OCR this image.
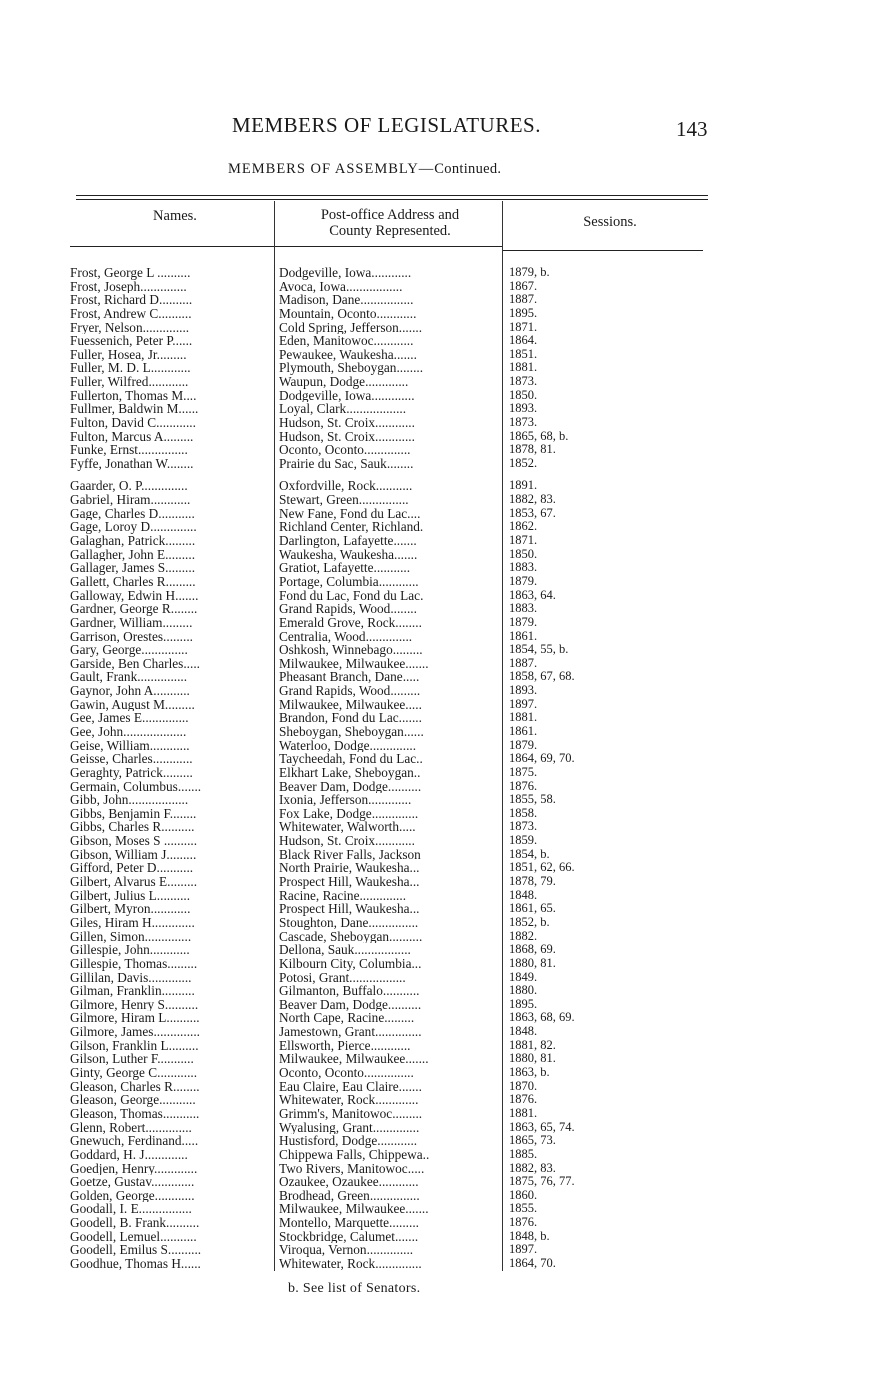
MEMBERS OF LEGISLATURES.	143
MEMBERS OF ASSEMBLY—Continued.
Names.	Post-office Address and
County Represented.
Sessions.
Frost, George L ..........	Dodgeville, Iowa............	1879, b.
Frost, Joseph..............	Avoca, Iowa.................	1867.
Frost, Richard D..........	Madison, Dane................	1887.
Frost, Andrew C..........	Mountain, Oconto............	1895.
Fryer, Nelson..............	Cold Spring, Jefferson.......	1871.
Fuessenich, Peter P......	Eden, Manitowoc............	1864.
Fuller, Hosea, Jr.........	Pewaukee, Waukesha.......	1851.
Fuller, M. D. L............	Plymouth, Sheboygan........	1881.
Fuller, Wilfred............	Waupun, Dodge.............	1873.
Fullerton, Thomas M....	Dodgeville, Iowa.............	1850.
Fullmer, Baldwin M......	Loyal, Clark..................	1893.
Fulton, David C............	Hudson, St. Croix............	1873.
Fulton, Marcus A.........	Hudson, St. Croix............	1865, 68, b.
Funke, Ernst...............	Oconto, Oconto..............	1878, 81.
Fyffe, Jonathan W........	Prairie du Sac, Sauk........	1852.
Gaarder, O. P..............	Oxfordville, Rock...........	1891.
Gabriel, Hiram............	Stewart, Green...............	1882, 83.
Gage, Charles D...........	New Fane, Fond du Lac....	1853, 67.
Gage, Loroy D..............	Richland Center, Richland.	1862.
Galaghan, Patrick.........	Darlington, Lafayette.......	1871.
Gallagher, John E.........	Waukesha, Waukesha.......	1850.
Gallager, James S.........	Gratiot, Lafayette...........	1883.
Gallett, Charles R.........	Portage, Columbia............	1879.
Galloway, Edwin H.......	Fond du Lac, Fond du Lac.	1863, 64.
Gardner, George R........	Grand Rapids, Wood........	1883.
Gardner, William.........	Emerald Grove, Rock........	1879.
Garrison, Orestes.........	Centralia, Wood..............	1861.
Gary, George..............	Oshkosh, Winnebago.........	1854, 55, b.
Garside, Ben Charles.....	Milwaukee, Milwaukee.......	1887.
Gault, Frank...............	Pheasant Branch, Dane.....	1858, 67, 68.
Gaynor, John A...........	Grand Rapids, Wood.........	1893.
Gawin, August M.........	Milwaukee, Milwaukee.....	1897.
Gee, James E..............	Brandon, Fond du Lac.......	1881.
Gee, John...................	Sheboygan, Sheboygan......	1861.
Geise, William............	Waterloo, Dodge..............	1879.
Geisse, Charles............	Taycheedah, Fond du Lac..	1864, 69, 70.
Geraghty, Patrick.........	Elkhart Lake, Sheboygan..	1875.
Germain, Columbus.......	Beaver Dam, Dodge..........	1876.
Gibb, John..................	Ixonia, Jefferson.............	1855, 58.
Gibbs, Benjamin F........	Fox Lake, Dodge..............	1858.
Gibbs, Charles R..........	Whitewater, Walworth.....	1873.
Gibson, Moses S ..........	Hudson, St. Croix............	1859.
Gibson, William J.........	Black River Falls, Jackson	1854, b.
Gifford, Peter D...........	North Prairie, Waukesha...	1851, 62, 66.
Gilbert, Alvarus E.........	Prospect Hill, Waukesha...	1878, 79.
Gilbert, Julius L..........	Racine, Racine..............	1848.
Gilbert, Myron............	Prospect Hill, Waukesha...	1861, 65.
Giles, Hiram H.............	Stoughton, Dane...............	1852, b.
Gillen, Simon..............	Cascade, Sheboygan..........	1882.
Gillespie, John............	Dellona, Sauk.................	1868, 69.
Gillespie, Thomas.........	Kilbourn City, Columbia...	1880, 81.
Gillilan, Davis.............	Potosi, Grant.................	1849.
Gilman, Franklin..........	Gilmanton, Buffalo...........	1880.
Gilmore, Henry S..........	Beaver Dam, Dodge..........	1895.
Gilmore, Hiram L..........	North Cape, Racine.........	1863, 68, 69.
Gilmore, James..............	Jamestown, Grant..............	1848.
Gilson, Franklin L.........	Ellsworth, Pierce............	1881, 82.
Gilson, Luther F...........	Milwaukee, Milwaukee.......	1880, 81.
Ginty, George C............	Oconto, Oconto...............	1863, b.
Gleason, Charles R........	Eau Claire, Eau Claire.......	1870.
Gleason, George...........	Whitewater, Rock.............	1876.
Gleason, Thomas...........	Grimm's, Manitowoc.........	1881.
Glenn, Robert..............	Wyalusing, Grant..............	1863, 65, 74.
Gnewuch, Ferdinand.....	Hustisford, Dodge............	1865, 73.
Goddard, H. J.............	Chippewa Falls, Chippewa..	1885.
Goedjen, Henry.............	Two Rivers, Manitowoc.....	1882, 83.
Goetze, Gustav.............	Ozaukee, Ozaukee............	1875, 76, 77.
Golden, George............	Brodhead, Green...............	1860.
Goodall, I. E................	Milwaukee, Milwaukee.......	1855.
Goodell, B. Frank..........	Montello, Marquette.........	1876.
Goodell, Lemuel...........	Stockbridge, Calumet.......	1848, b.
Goodell, Emilus S..........	Viroqua, Vernon..............	1897.
Goodhue, Thomas H......	Whitewater, Rock..............	1864, 70.
b. See list of Senators.
